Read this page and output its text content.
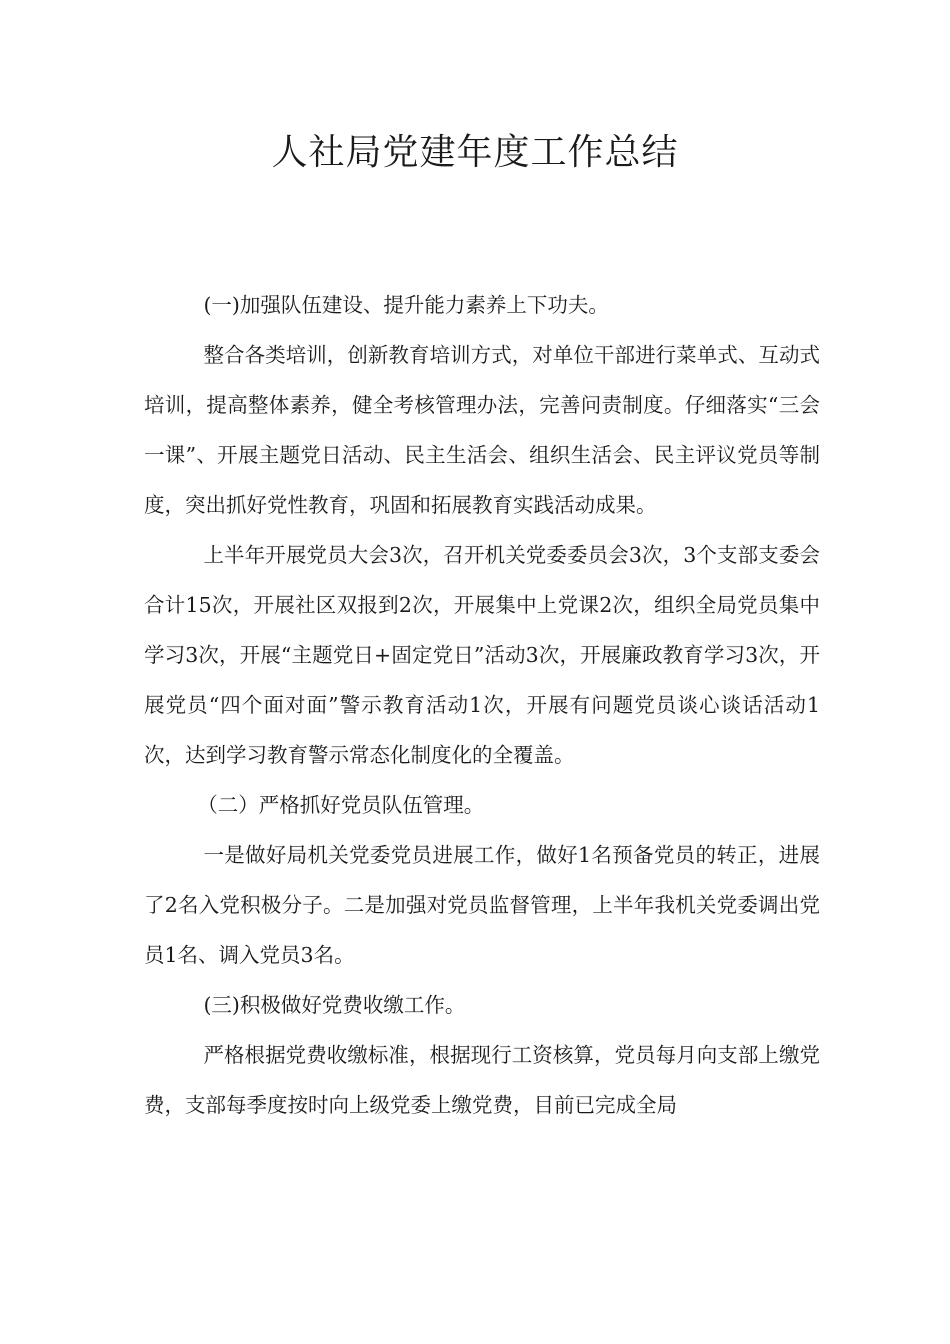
人社局党建年度工作总结

(一)加强队伍建设、提升能力素养上下功夫。

整合各类培训，创新教育培训方式，对单位干部进行菜单式、互动式培训，提高整体素养，健全考核管理办法，完善问责制度。仔细落实“三会一课”、开展主题党日活动、民主生活会、组织生活会、民主评议党员等制度，突出抓好党性教育，巩固和拓展教育实践活动成果。

上半年开展党员大会3次，召开机关党委委员会3次，3个支部支委会合计15次，开展社区双报到2次，开展集中上党课2次，组织全局党员集中学习3次，开展“主题党日+固定党日”活动3次，开展廉政教育学习3次，开展党员“四个面对面”警示教育活动1次，开展有问题党员谈心谈话活动1次，达到学习教育警示常态化制度化的全覆盖。

（二）严格抓好党员队伍管理。

一是做好局机关党委党员进展工作，做好1名预备党员的转正，进展了2名入党积极分子。二是加强对党员监督管理，上半年我机关党委调出党员1名、调入党员3名。

(三)积极做好党费收缴工作。

严格根据党费收缴标准，根据现行工资核算，党员每月向支部上缴党费，支部每季度按时向上级党委上缴党费，目前已完成全局
